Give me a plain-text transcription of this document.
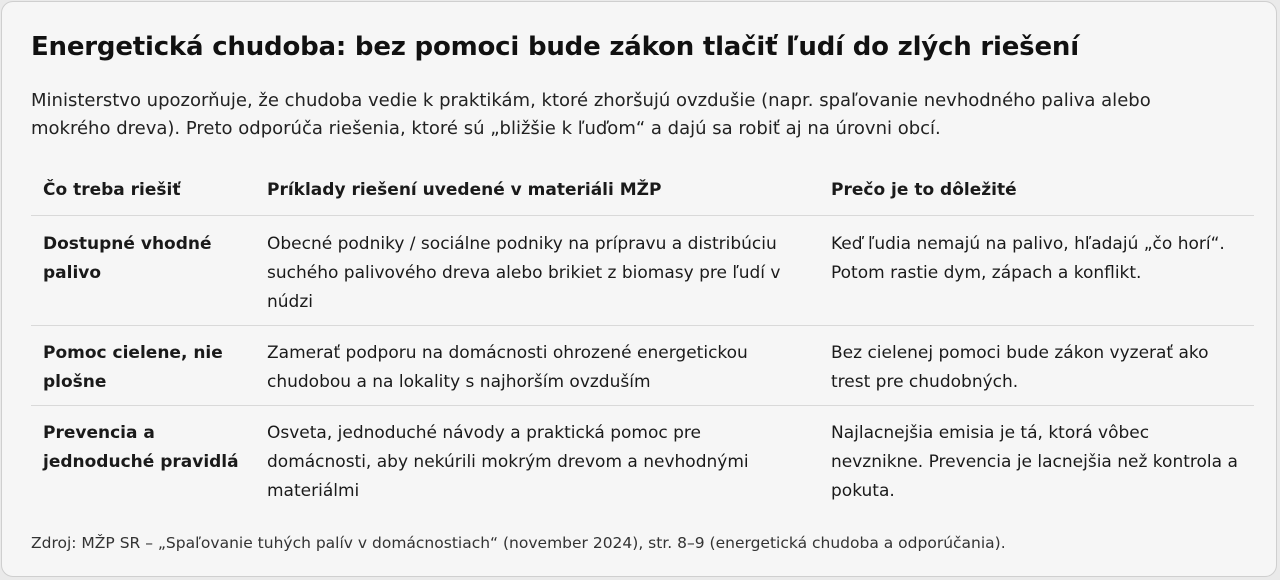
Energetická chudoba: bez pomoci bude zákon tlačiť ľudí do zlých riešení

Ministerstvo upozorňuje, že chudoba vedie k praktikám, ktoré zhoršujú ovzdušie (napr. spaľovanie nevhodného paliva alebo mokrého dreva). Preto odporúča riešenia, ktoré sú „bližšie k ľuďom“ a dajú sa robiť aj na úrovni obcí.

Čo treba riešiť	Príklady riešení uvedené v materiáli MŽP	Prečo je to dôležité
Dostupné vhodné palivo
Obecné podniky / sociálne podniky na prípravu a distribúciu suchého palivového dreva alebo brikiet z biomasy pre ľudí v núdzi
Keď ľudia nemajú na palivo, hľadajú „čo horí“. Potom rastie dym, zápach a konflikt.
Pomoc cielene, nie plošne
Zamerať podporu na domácnosti ohrozené energetickou chudobou a na lokality s najhorším ovzduším
Bez cielenej pomoci bude zákon vyzerať ako trest pre chudobných.
Prevencia a jednoduché pravidlá
Osveta, jednoduché návody a praktická pomoc pre domácnosti, aby nekúrili mokrým drevom a nevhodnými materiálmi
Najlacnejšia emisia je tá, ktorá vôbec nevznikne. Prevencia je lacnejšia než kontrola a pokuta.

Zdroj: MŽP SR – „Spaľovanie tuhých palív v domácnostiach“ (november 2024), str. 8–9 (energetická chudoba a odporúčania).
